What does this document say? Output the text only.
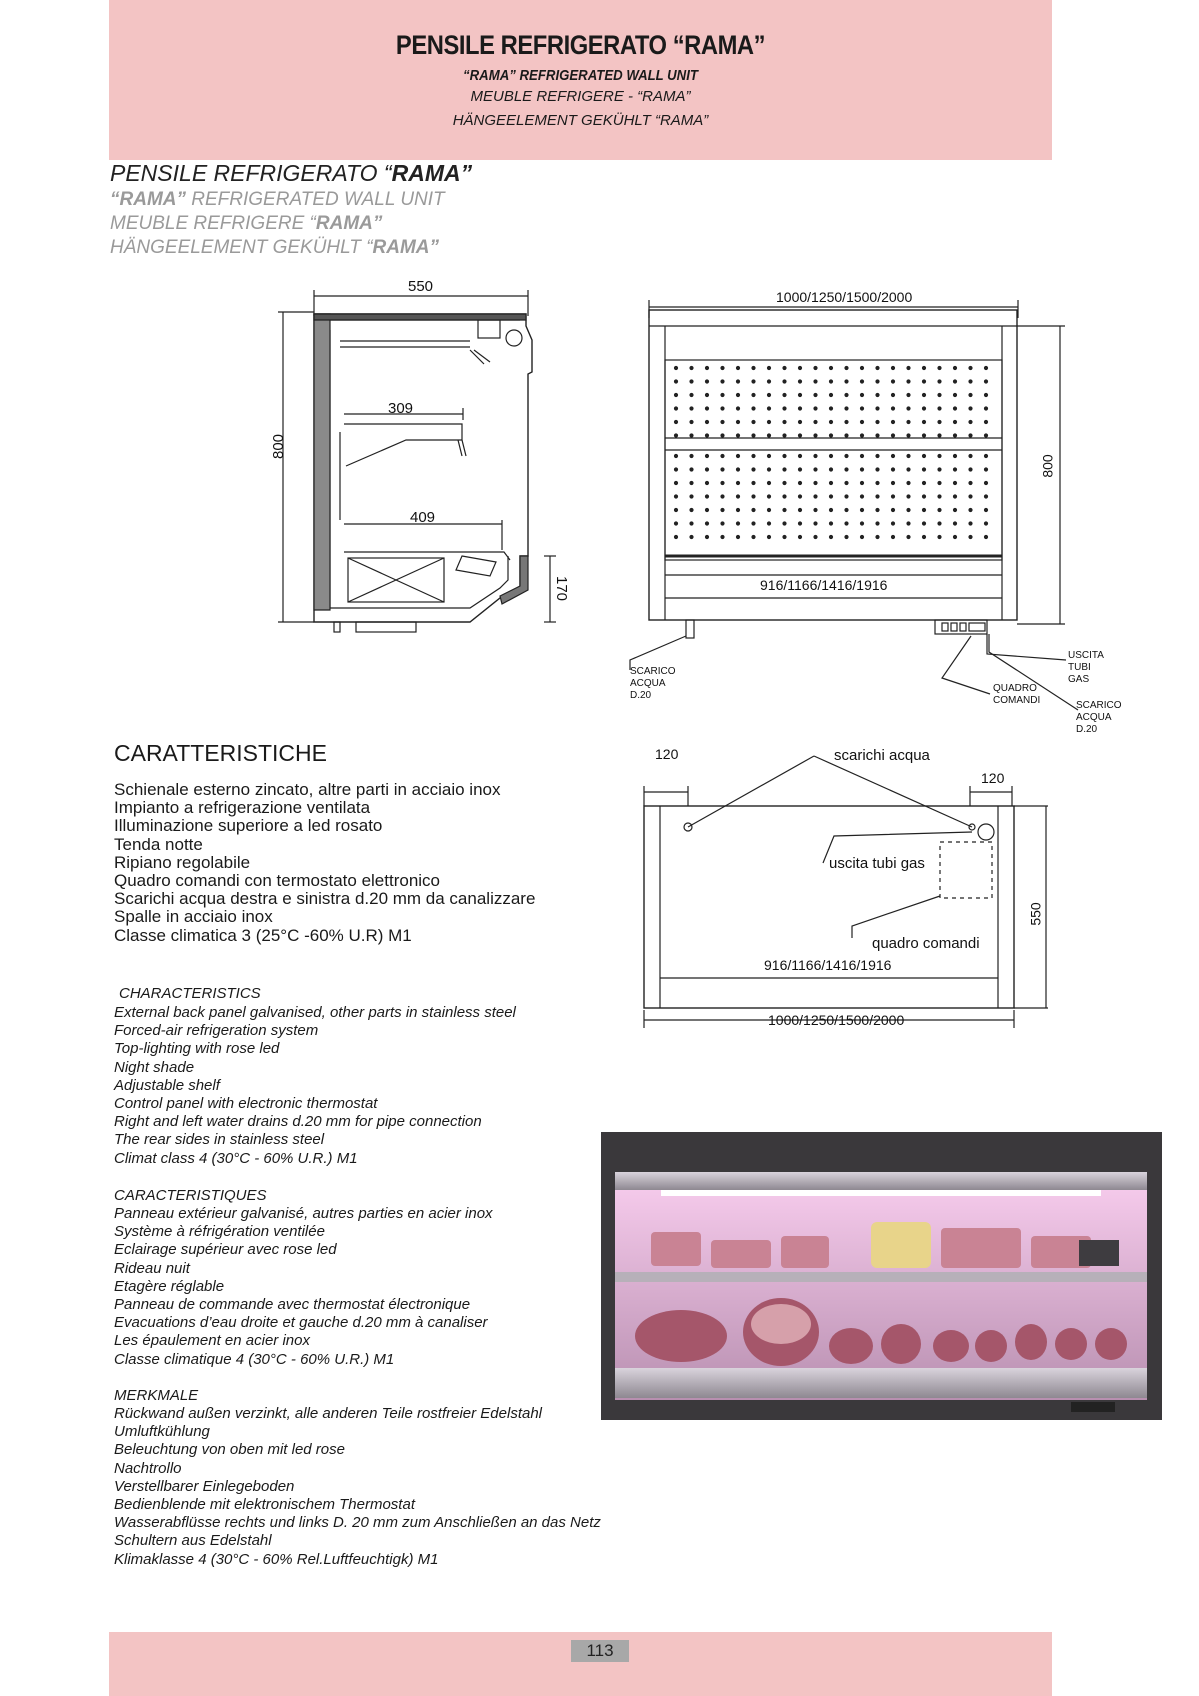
PENSILE REFRIGERATO “RAMA”
“RAMA” REFRIGERATED WALL UNIT
MEUBLE REFRIGERE - “RAMA”
HÄNGEELEMENT GEKÜHLT “RAMA”
PENSILE REFRIGERATO “RAMA”
“RAMA” REFRIGERATED WALL UNIT
MEUBLE REFRIGERE “RAMA”
HÄNGEELEMENT GEKÜHLT “RAMA”
550
800
309
409
170
1000/1250/1500/2000
916/1166/1416/1916
800
SCARICO
ACQUA
D.20
QUADRO
COMANDI
USCITA
TUBI
GAS
SCARICO
ACQUA
D.20
120
120
scarichi acqua
uscita tubi gas
quadro comandi
916/1166/1416/1916
1000/1250/1500/2000
550
CARATTERISTICHE
Schienale esterno zincato, altre parti in acciaio inox
Impianto a refrigerazione ventilata
Illuminazione superiore a led rosato
Tenda notte
Ripiano regolabile
Quadro comandi con termostato elettronico
Scarichi acqua destra e sinistra d.20 mm da canalizzare
Spalle in acciaio inox
Classe climatica 3 (25°C -60% U.R) M1
CHARACTERISTICS
External back panel galvanised, other parts in stainless steel
Forced-air refrigeration system
Top-lighting with rose led
Night shade
Adjustable shelf
Control panel with electronic thermostat
Right and left water drains d.20 mm for pipe connection
The rear sides in stainless steel
Climat class 4 (30°C - 60% U.R.) M1
CARACTERISTIQUES
Panneau extérieur galvanisé, autres parties en acier inox
Système à réfrigération ventilée
Eclairage supérieur avec rose led
Rideau nuit
Etagère réglable
Panneau de commande avec thermostat électronique
Evacuations d’eau droite et gauche d.20 mm à canaliser
Les épaulement en acier inox
Classe climatique 4 (30°C - 60% U.R.) M1
MERKMALE
Rückwand außen verzinkt, alle anderen Teile rostfreier Edelstahl
Umluftkühlung
Beleuchtung von oben mit led rose
Nachtrollo
Verstellbarer Einlegeboden
Bedienblende mit elektronischem Thermostat
Wasserabflüsse rechts und links D. 20 mm zum Anschließen an das Netz
Schultern aus Edelstahl
Klimaklasse 4 (30°C - 60% Rel.Luftfeuchtigk) M1
113
